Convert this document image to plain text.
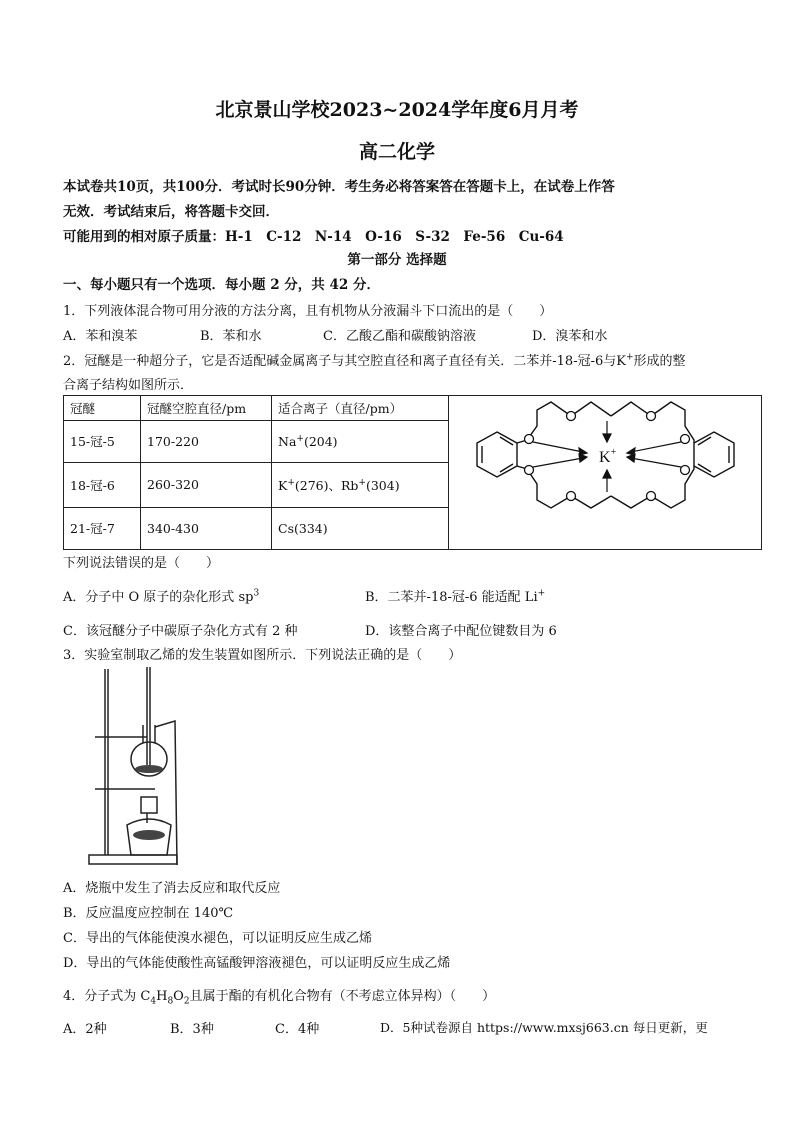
北京景山学校2023~2024学年度6月月考
高二化学
本试卷共10页，共100分．考试时长90分钟．考生务必将答案答在答题卡上，在试卷上作答
无效．考试结束后，将答题卡交回．
可能用到的相对原子质量：H-1　C-12　N-14　O-16　S-32　Fe-56　Cu-64
第一部分 选择题
一、每小题只有一个选项．每小题 2 分，共 42 分．
1．下列液体混合物可用分液的方法分离，且有机物从分液漏斗下口流出的是（　　）
A．苯和溴苯	B．苯和水	C．乙酸乙酯和碳酸钠溶液	D．溴苯和水
2．冠醚是一种超分子，它是否适配碱金属离子与其空腔直径和离子直径有关．二苯并-18-冠-6与K+形成的整
合离子结构如图所示．
冠醚	冠醚空腔直径/pm	适合离子（直径/pm）	K+

15-冠-5	170-220	Na+(204)	
18-冠-6	260-320	K+(276)、Rb+(304)	
21-冠-7	340-430	Cs(334)	
下列说法错误的是（　　）
A．分子中 O 原子的杂化形式 $sp^3$	B．二苯并-18-冠-6 能适配 Li+
C．该冠醚分子中碳原子杂化方式有 2 种	D．该整合离子中配位键数目为 6
3．实验室制取乙烯的发生装置如图所示．下列说法正确的是（　　）
A．烧瓶中发生了消去反应和取代反应
B．反应温度应控制在 140℃
C．导出的气体能使溴水褪色，可以证明反应生成乙烯
D．导出的气体能使酸性高锰酸钾溶液褪色，可以证明反应生成乙烯
4．分子式为 $C_4H_8O_2$且属于酯的有机化合物有（不考虑立体异构）（　　）
A．2种	B．3种	C．4种	D．5种试卷源自 https://www.mxsj663.cn 每日更新，更
